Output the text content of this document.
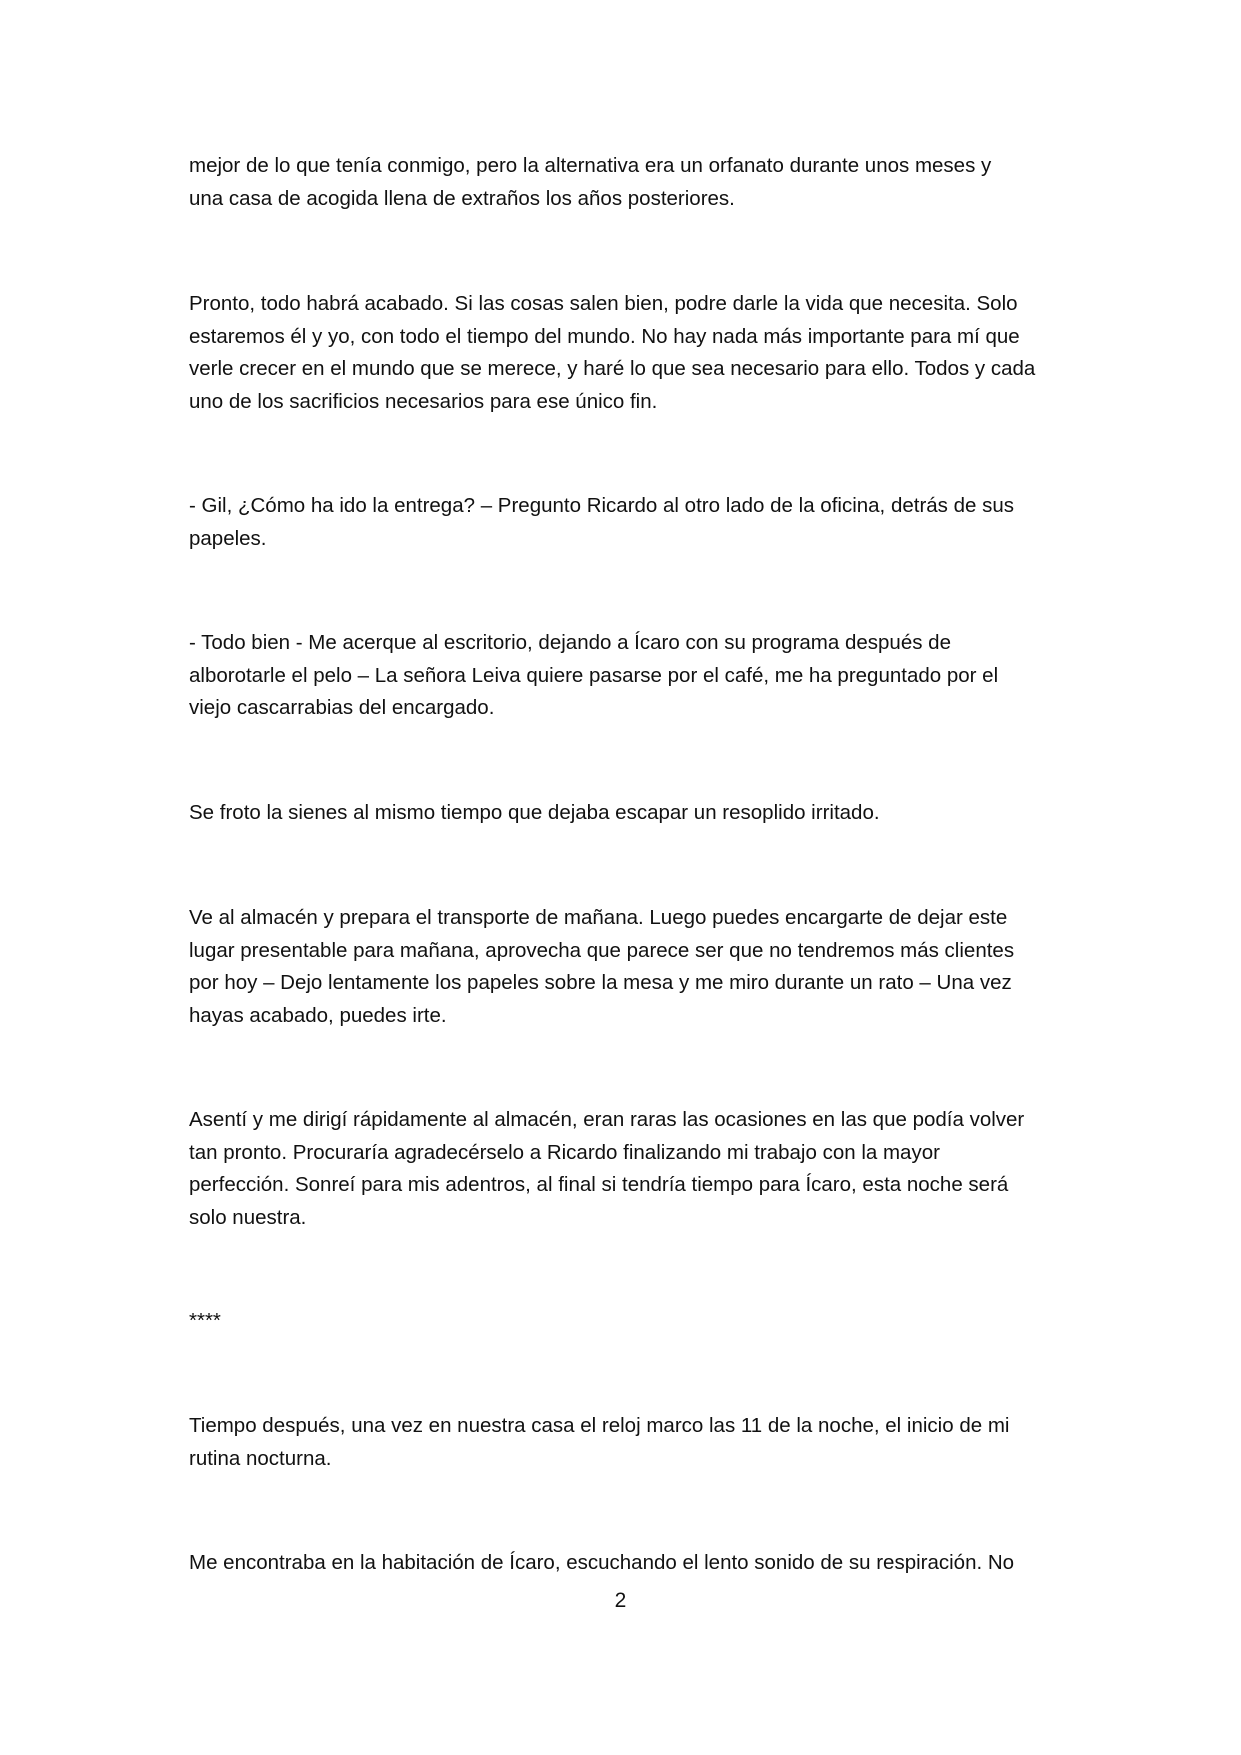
mejor de lo que tenía conmigo, pero la alternativa era un orfanato durante unos meses y
una casa de acogida llena de extraños los años posteriores.

Pronto, todo habrá acabado. Si las cosas salen bien, podre darle la vida que necesita. Solo
estaremos él y yo, con todo el tiempo del mundo. No hay nada más importante para mí que
verle crecer en el mundo que se merece, y haré lo que sea necesario para ello. Todos y cada
uno de los sacrificios necesarios para ese único fin.

- Gil, ¿Cómo ha ido la entrega? – Pregunto Ricardo al otro lado de la oficina, detrás de sus
papeles.

- Todo bien - Me acerque al escritorio, dejando a Ícaro con su programa después de
alborotarle el pelo – La señora Leiva quiere pasarse por el café, me ha preguntado por el
viejo cascarrabias del encargado.

Se froto la sienes al mismo tiempo que dejaba escapar un resoplido irritado.

Ve al almacén y prepara el transporte de mañana. Luego puedes encargarte de dejar este
lugar presentable para mañana, aprovecha que parece ser que no tendremos más clientes
por hoy – Dejo lentamente los papeles sobre la mesa y me miro durante un rato – Una vez
hayas acabado, puedes irte.

Asentí y me dirigí rápidamente al almacén, eran raras las ocasiones en las que podía volver
tan pronto. Procuraría agradecérselo a Ricardo finalizando mi trabajo con la mayor
perfección. Sonreí para mis adentros, al final si tendría tiempo para Ícaro, esta noche será
solo nuestra.

****

Tiempo después, una vez en nuestra casa el reloj marco las 11 de la noche, el inicio de mi
rutina nocturna.

Me encontraba en la habitación de Ícaro, escuchando el lento sonido de su respiración. No

2
